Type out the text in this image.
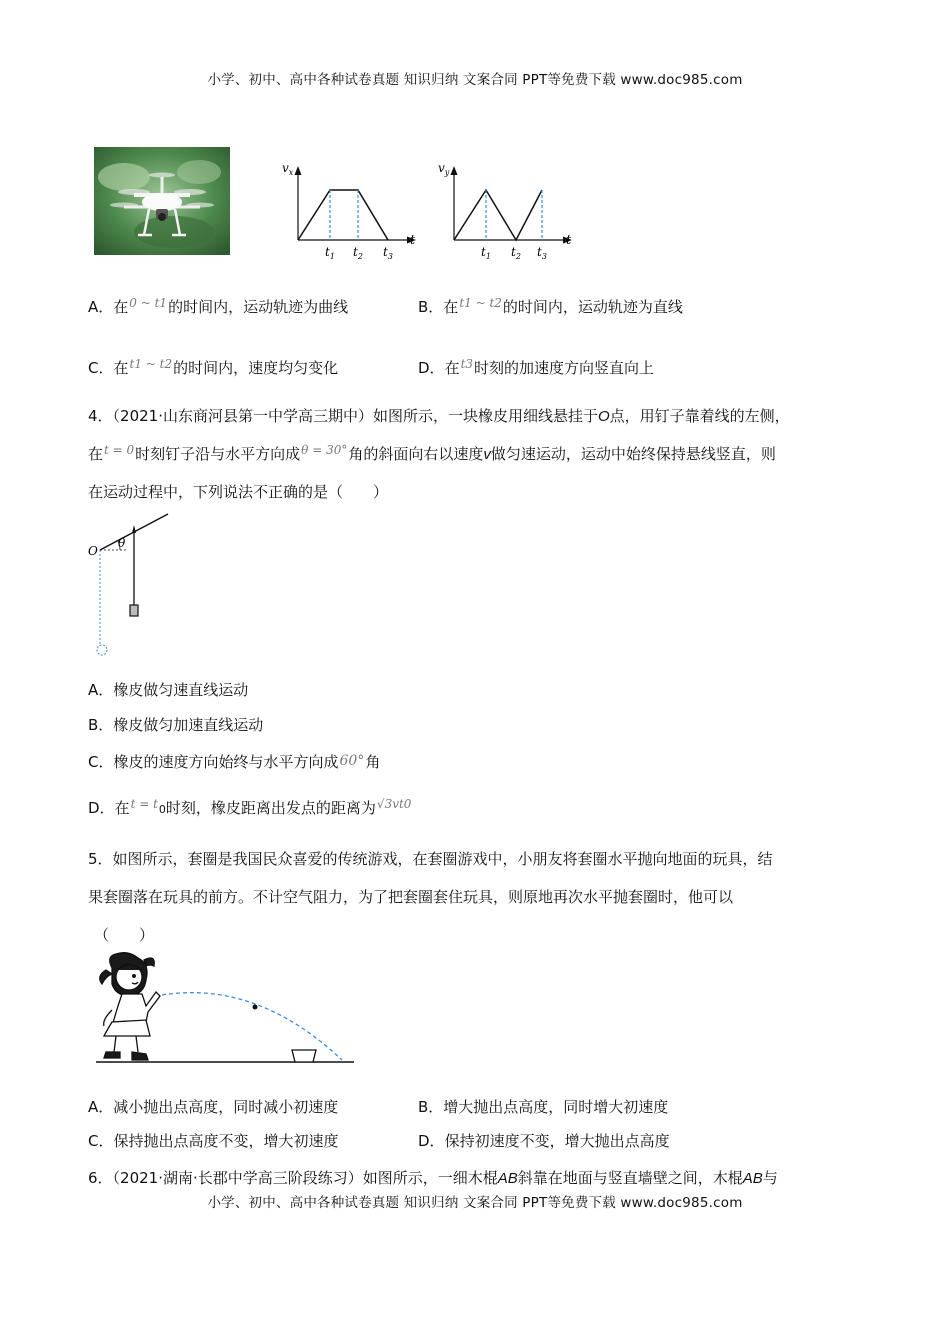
小学、初中、高中各种试卷真题 知识归纳 文案合同 PPT等免费下载 www.doc985.com
$v_x$
t
$t_1$ $t_2$ $t_3$
$v_y$
t
$t_1$ $t_2$ $t_3$
A．在$^{0 \sim t1}$的时间内，运动轨迹为曲线	B．在$^{t1 \sim t2}$的时间内，运动轨迹为直线
C．在$^{t1 \sim t2}$的时间内，速度均匀变化	D．在$^{t3}$时刻的加速度方向竖直向上
4．（2021·山东商河县第一中学高三期中）如图所示，一块橡皮用细线悬挂于O点，用钉子靠着线的左侧，
在$^{t = 0}$时刻钉子沿与水平方向成$^{\theta = 30^\circ}$角的斜面向右以速度v做匀速运动，运动中始终保持悬线竖直，则
在运动过程中，下列说法不正确的是（　　）
O
θ
A．橡皮做匀速直线运动
B．橡皮做匀加速直线运动
C．橡皮的速度方向始终与水平方向成60°角
D．在$^{t = t}$0时刻，橡皮距离出发点的距离为$^{√3vt0}$
5．如图所示，套圈是我国民众喜爱的传统游戏，在套圈游戏中，小朋友将套圈水平抛向地面的玩具，结
果套圈落在玩具的前方。不计空气阻力，为了把套圈套住玩具，则原地再次水平抛套圈时，他可以
（　　）
A．减小抛出点高度，同时减小初速度	B．增大抛出点高度，同时增大初速度
C．保持抛出点高度不变，增大初速度	D．保持初速度不变，增大抛出点高度
6．（2021·湖南·长郡中学高三阶段练习）如图所示，一细木棍AB斜靠在地面与竖直墙壁之间，木棍AB与
小学、初中、高中各种试卷真题 知识归纳 文案合同 PPT等免费下载 www.doc985.com
